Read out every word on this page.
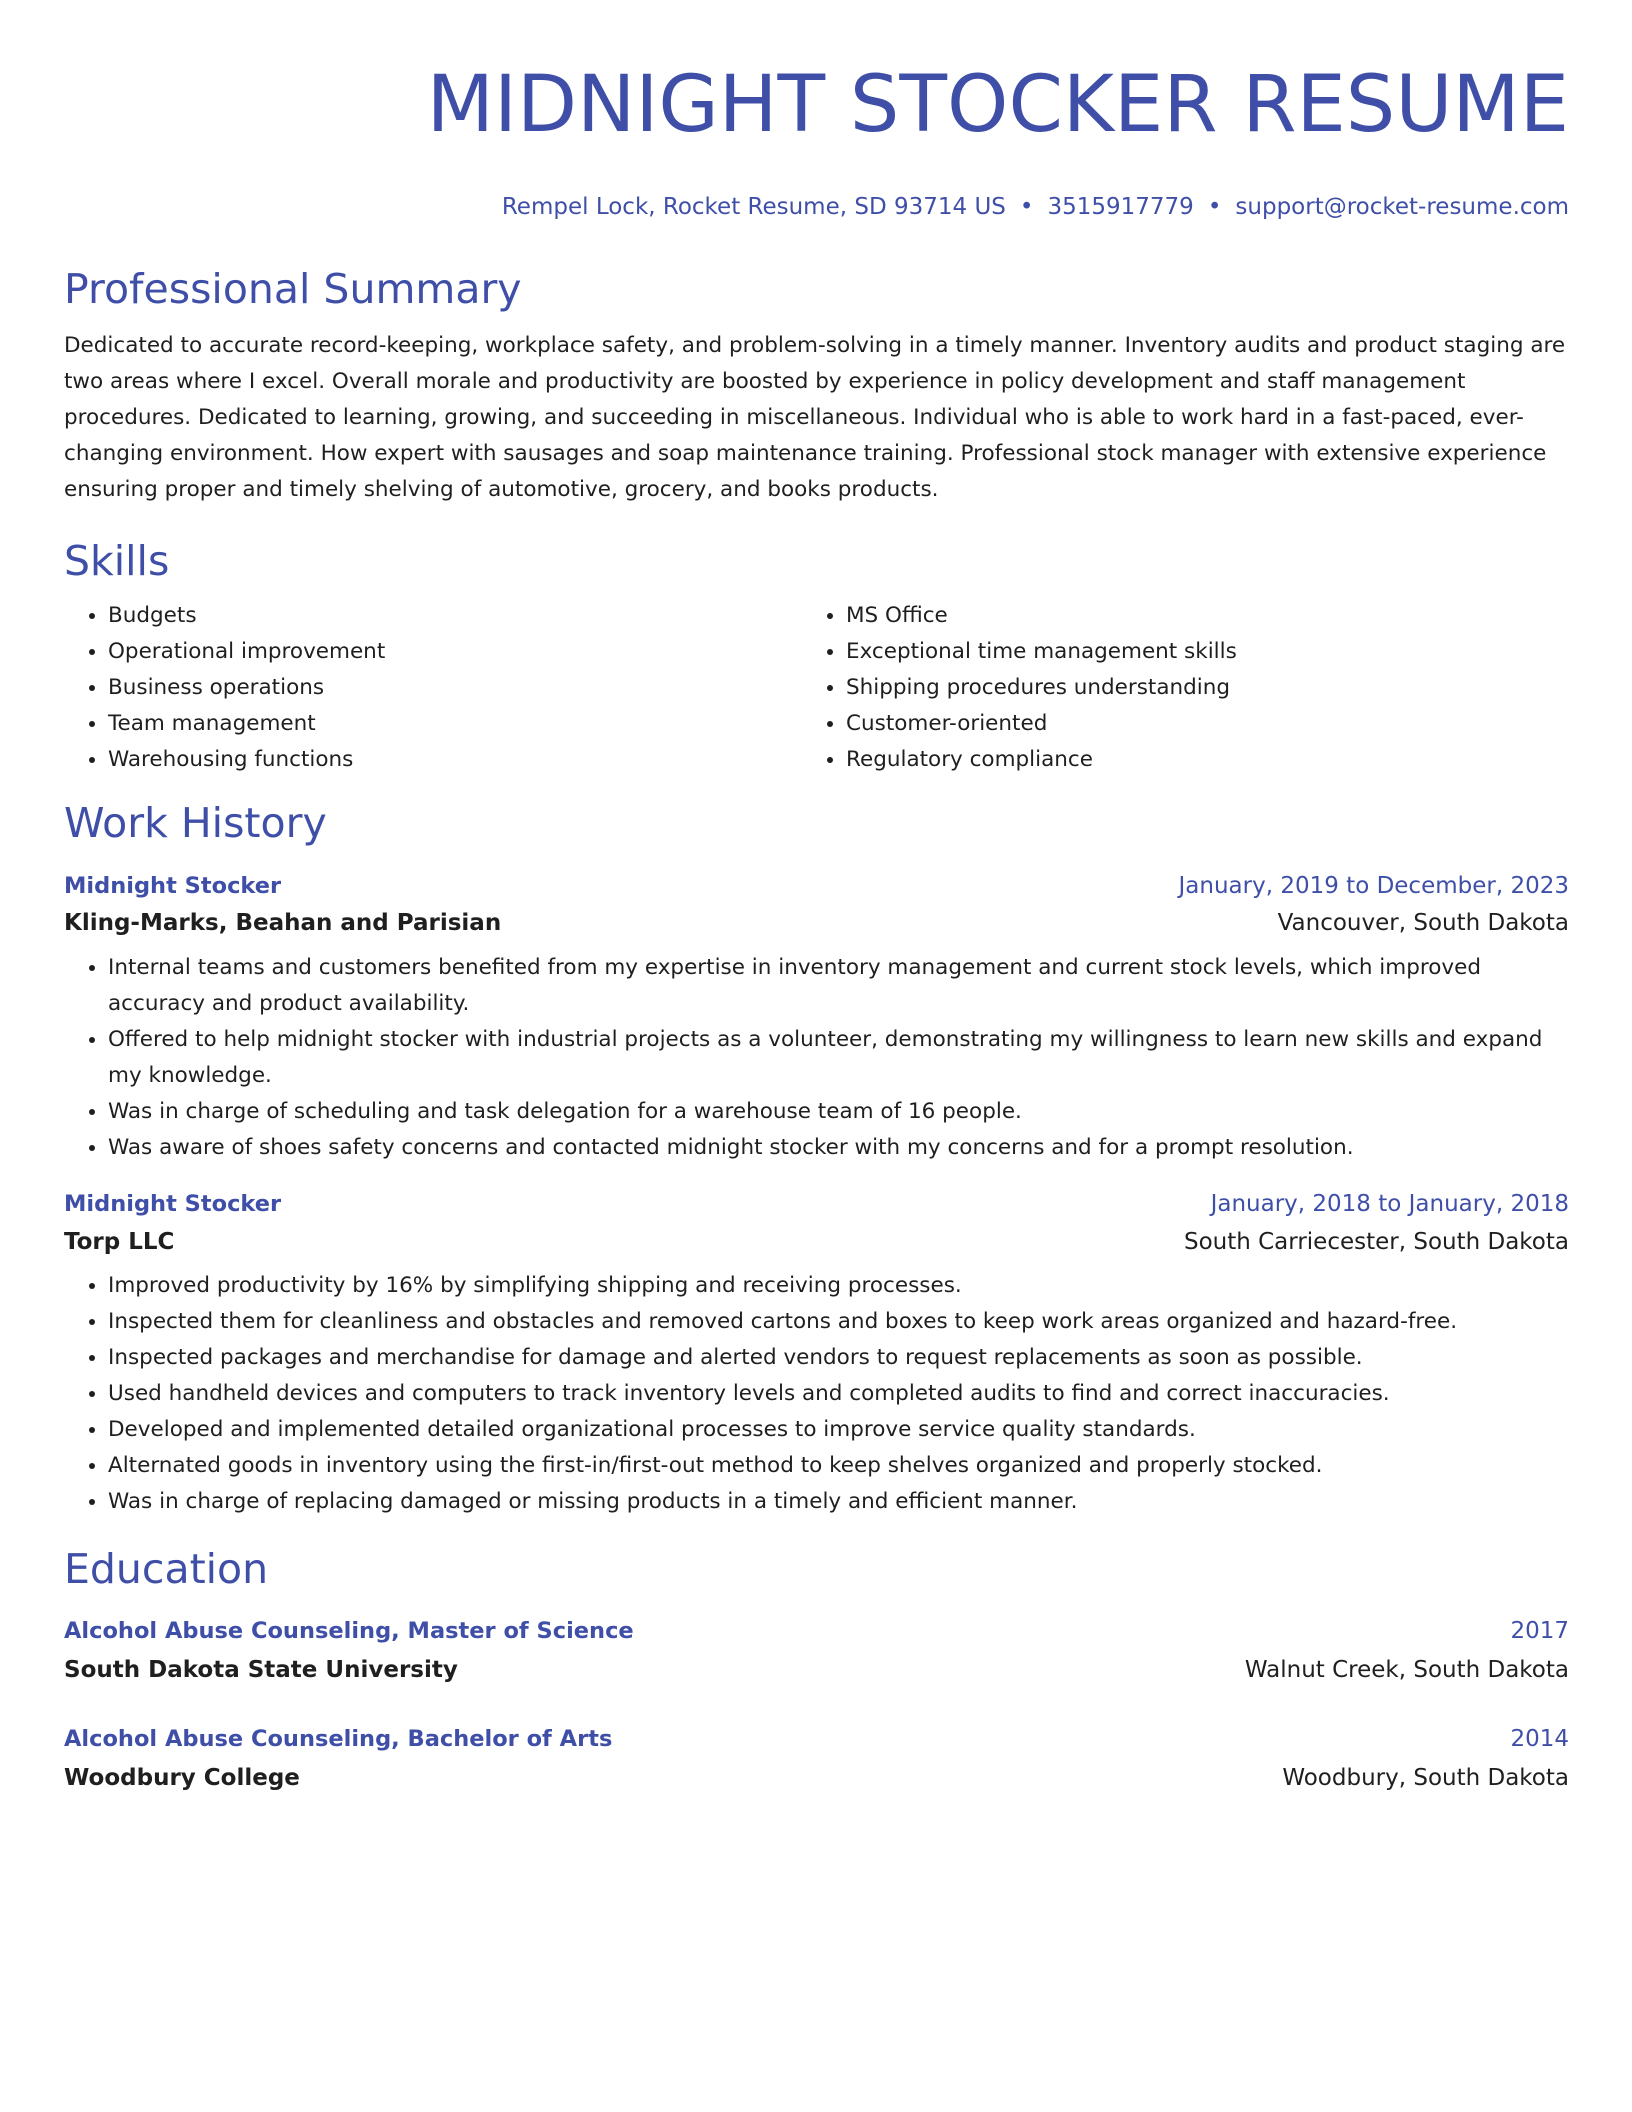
MIDNIGHT STOCKER RESUME
Rempel Lock, Rocket Resume, SD 93714 US • 3515917779 • support@rocket-resume.com
Professional Summary
Dedicated to accurate record-keeping, workplace safety, and problem-solving in a timely manner. Inventory audits and product staging are two areas where I excel. Overall morale and productivity are boosted by experience in policy development and staff management procedures. Dedicated to learning, growing, and succeeding in miscellaneous. Individual who is able to work hard in a fast-paced, ever-changing environment. How expert with sausages and soap maintenance training. Professional stock manager with extensive experience ensuring proper and timely shelving of automotive, grocery, and books products.
Skills
• Budgets
• Operational improvement
• Business operations
• Team management
• Warehousing functions
• MS Office
• Exceptional time management skills
• Shipping procedures understanding
• Customer-oriented
• Regulatory compliance
Work History
Midnight Stocker	January, 2019 to December, 2023
Kling-Marks, Beahan and Parisian	Vancouver, South Dakota
• Internal teams and customers benefited from my expertise in inventory management and current stock levels, which improved accuracy and product availability.
• Offered to help midnight stocker with industrial projects as a volunteer, demonstrating my willingness to learn new skills and expand my knowledge.
• Was in charge of scheduling and task delegation for a warehouse team of 16 people.
• Was aware of shoes safety concerns and contacted midnight stocker with my concerns and for a prompt resolution.
Midnight Stocker	January, 2018 to January, 2018
Torp LLC	South Carriecester, South Dakota
• Improved productivity by 16% by simplifying shipping and receiving processes.
• Inspected them for cleanliness and obstacles and removed cartons and boxes to keep work areas organized and hazard-free.
• Inspected packages and merchandise for damage and alerted vendors to request replacements as soon as possible.
• Used handheld devices and computers to track inventory levels and completed audits to find and correct inaccuracies.
• Developed and implemented detailed organizational processes to improve service quality standards.
• Alternated goods in inventory using the first-in/first-out method to keep shelves organized and properly stocked.
• Was in charge of replacing damaged or missing products in a timely and efficient manner.
Education
Alcohol Abuse Counseling, Master of Science	2017
South Dakota State University	Walnut Creek, South Dakota
Alcohol Abuse Counseling, Bachelor of Arts	2014
Woodbury College	Woodbury, South Dakota
